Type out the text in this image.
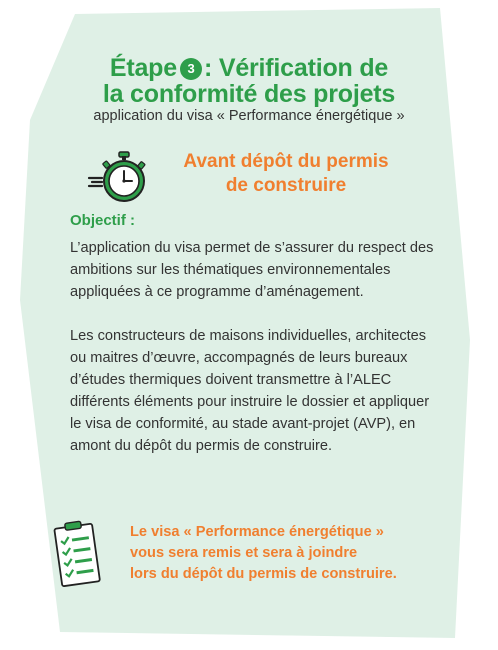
Étape 3 : Vérification de
la conformité des projets
application du visa « Performance énergétique »
Avant dépôt du permis
de construire
Objectif :

L’application du visa permet de s’assurer du respect des ambitions sur les thématiques environnementales appliquées à ce programme d’aménagement.

Les constructeurs de maisons individuelles, architectes ou maitres d’œuvre, accompagnés de leurs bureaux d’études thermiques doivent transmettre à l’ALEC différents éléments pour instruire le dossier et appliquer le visa de conformité, au stade avant-projet (AVP), en amont du dépôt du permis de construire.

Le visa « Performance énergétique »
vous sera remis et sera à joindre
lors du dépôt du permis de construire.
